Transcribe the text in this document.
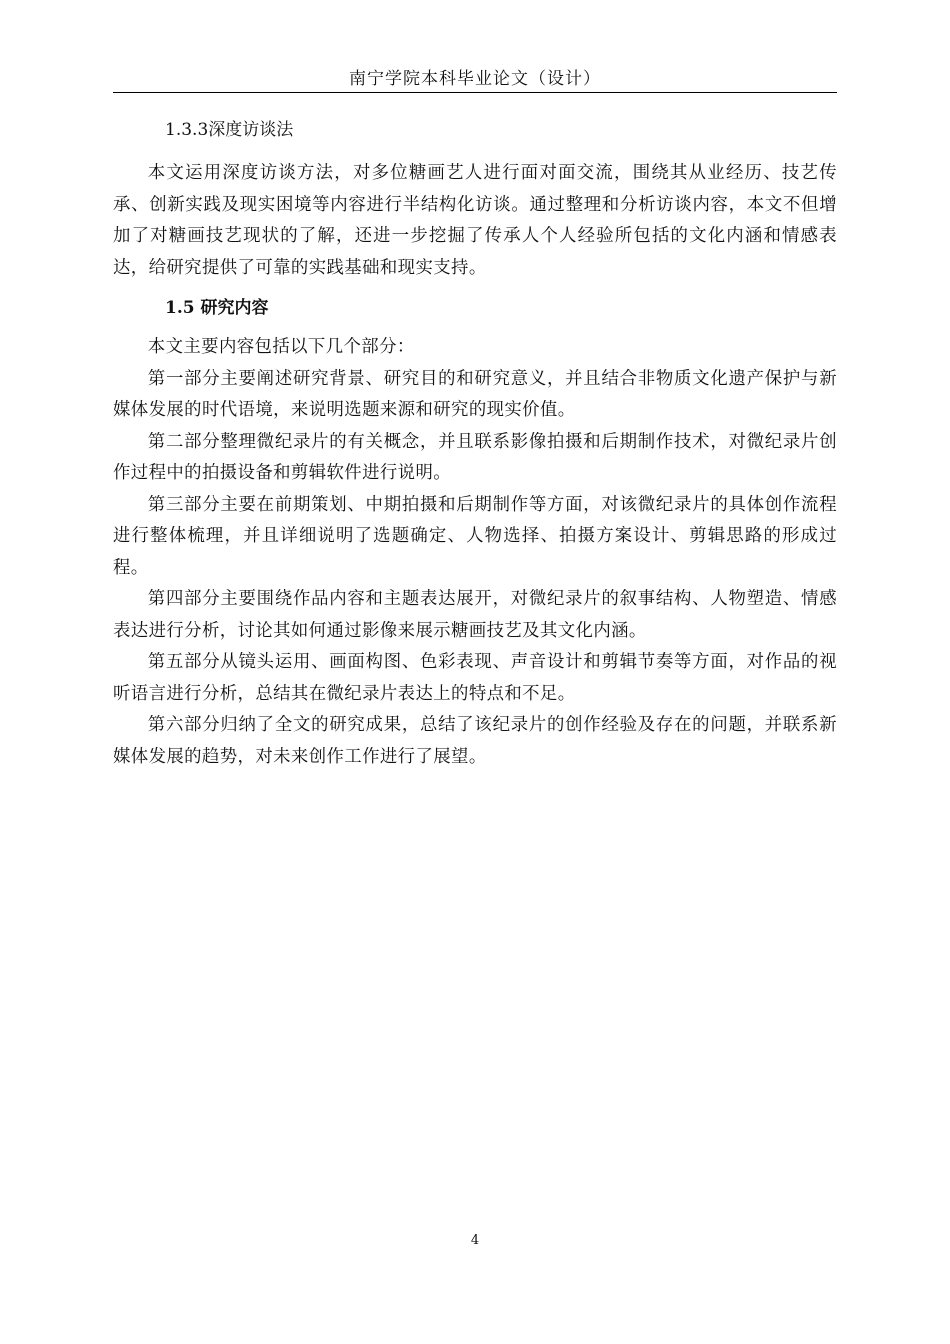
南宁学院本科毕业论文（设计）
1.3.3深度访谈法

本文运用深度访谈方法，对多位糖画艺人进行面对面交流，围绕其从业经历、技艺传承、创新实践及现实困境等内容进行半结构化访谈。通过整理和分析访谈内容，本文不但增加了对糖画技艺现状的了解，还进一步挖掘了传承人个人经验所包括的文化内涵和情感表达，给研究提供了可靠的实践基础和现实支持。

1.5 研究内容

本文主要内容包括以下几个部分：

第一部分主要阐述研究背景、研究目的和研究意义，并且结合非物质文化遗产保护与新媒体发展的时代语境，来说明选题来源和研究的现实价值。

第二部分整理微纪录片的有关概念，并且联系影像拍摄和后期制作技术，对微纪录片创作过程中的拍摄设备和剪辑软件进行说明。

第三部分主要在前期策划、中期拍摄和后期制作等方面，对该微纪录片的具体创作流程进行整体梳理，并且详细说明了选题确定、人物选择、拍摄方案设计、剪辑思路的形成过程。

第四部分主要围绕作品内容和主题表达展开，对微纪录片的叙事结构、人物塑造、情感表达进行分析，讨论其如何通过影像来展示糖画技艺及其文化内涵。

第五部分从镜头运用、画面构图、色彩表现、声音设计和剪辑节奏等方面，对作品的视听语言进行分析，总结其在微纪录片表达上的特点和不足。

第六部分归纳了全文的研究成果，总结了该纪录片的创作经验及存在的问题，并联系新媒体发展的趋势，对未来创作工作进行了展望。

4
